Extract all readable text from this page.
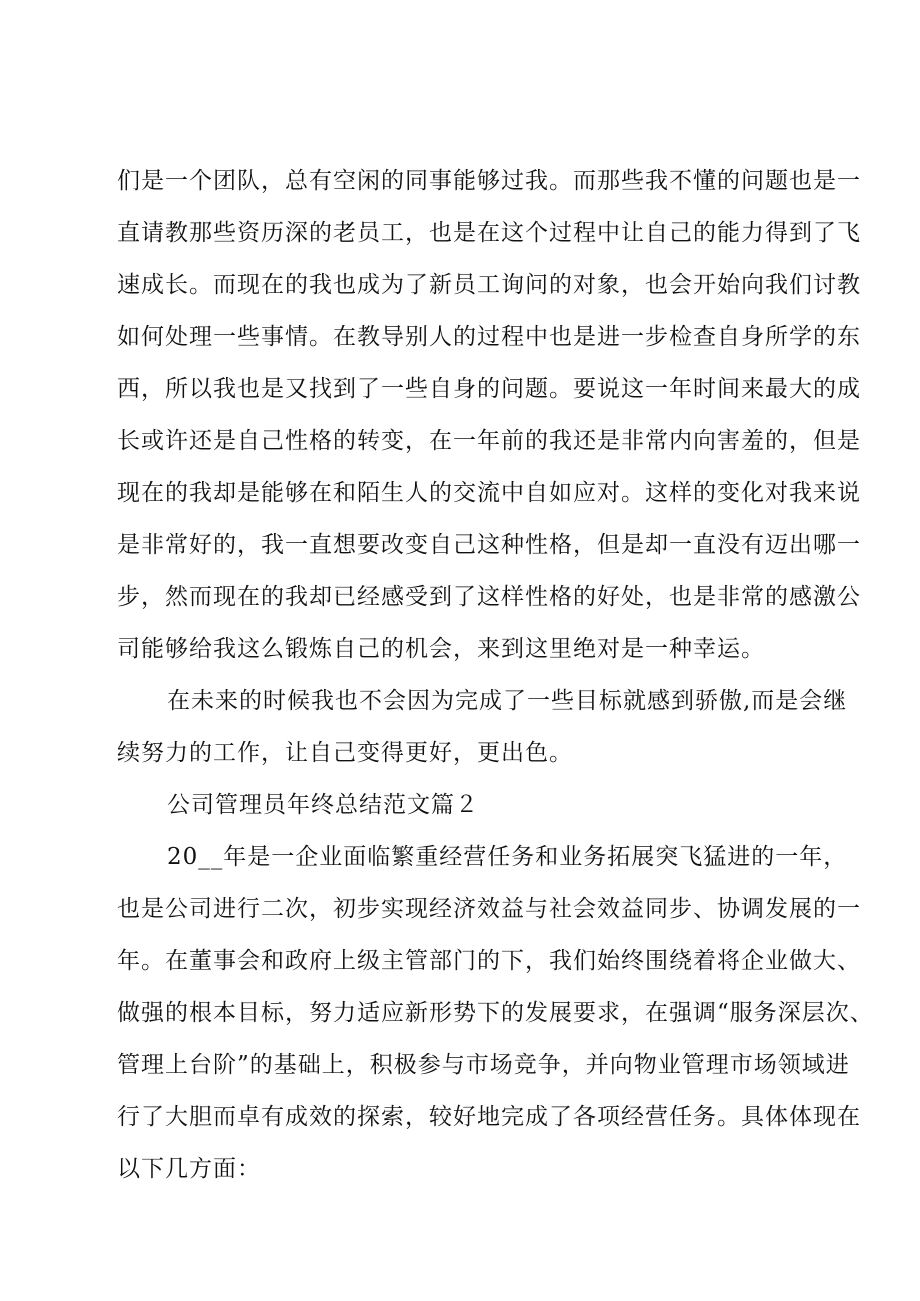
们是一个团队，总有空闲的同事能够过我。而那些我不懂的问题也是一
直请教那些资历深的老员工，也是在这个过程中让自己的能力得到了飞
速成长。而现在的我也成为了新员工询问的对象，也会开始向我们讨教
如何处理一些事情。在教导别人的过程中也是进一步检查自身所学的东
西，所以我也是又找到了一些自身的问题。要说这一年时间来最大的成
长或许还是自己性格的转变，在一年前的我还是非常内向害羞的，但是
现在的我却是能够在和陌生人的交流中自如应对。这样的变化对我来说
是非常好的，我一直想要改变自己这种性格，但是却一直没有迈出哪一
步，然而现在的我却已经感受到了这样性格的好处，也是非常的感激公
司能够给我这么锻炼自己的机会，来到这里绝对是一种幸运。
在未来的时候我也不会因为完成了一些目标就感到骄傲,而是会继
续努力的工作，让自己变得更好，更出色。
公司管理员年终总结范文篇２
20__年是一企业面临繁重经营任务和业务拓展突飞猛进的一年，
也是公司进行二次，初步实现经济效益与社会效益同步、协调发展的一
年。在董事会和政府上级主管部门的下，我们始终围绕着将企业做大、
做强的根本目标，努力适应新形势下的发展要求，在强调“服务深层次、
管理上台阶”的基础上，积极参与市场竞争，并向物业管理市场领域进
行了大胆而卓有成效的探索，较好地完成了各项经营任务。具体体现在
以下几方面：
